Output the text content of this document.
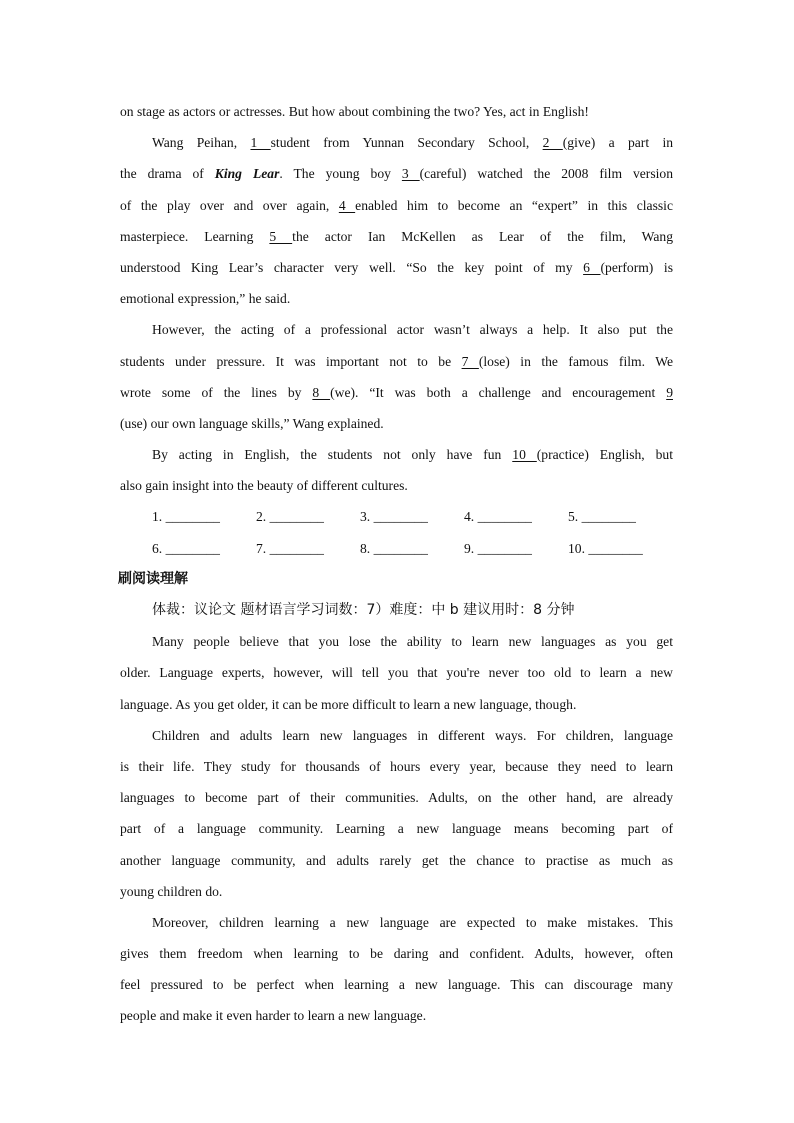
on stage as actors or actresses. But how about combining the two? Yes, act in English!
Wang Peihan, 1 student from Yunnan Secondary School, 2 (give) a part in
the drama of King Lear. The young boy 3 (careful) watched the 2008 film version
of the play over and over again, 4 enabled him to become an “expert” in this classic
masterpiece. Learning 5 the actor Ian McKellen as Lear of the film, Wang
understood King Lear’s character very well. “So the key point of my 6 (perform) is
emotional expression,” he said.
However, the acting of a professional actor wasn’t always a help. It also put the
students under pressure. It was important not to be 7 (lose) in the famous film. We
wrote some of the lines by 8 (we). “It was both a challenge and encouragement 9
(use) our own language skills,” Wang explained.
By acting in English, the students not only have fun 10 (practice) English, but
also gain insight into the beauty of different cultures.
1. ________	2. ________	3. ________	4. ________	5. ________
6. ________	7. ________	8. ________	9. ________	10. ________
刷阅读理解
体裁：议论文 题材语言学习词数：7）难度：中 b 建议用时：8 分钟
Many people believe that you lose the ability to learn new languages as you get
older. Language experts, however, will tell you that you're never too old to learn a new
language. As you get older, it can be more difficult to learn a new language, though.
Children and adults learn new languages in different ways. For children, language
is their life. They study for thousands of hours every year, because they need to learn
languages to become part of their communities. Adults, on the other hand, are already
part of a language community. Learning a new language means becoming part of
another language community, and adults rarely get the chance to practise as much as
young children do.
Moreover, children learning a new language are expected to make mistakes. This
gives them freedom when learning to be daring and confident. Adults, however, often
feel pressured to be perfect when learning a new language. This can discourage many
people and make it even harder to learn a new language.
